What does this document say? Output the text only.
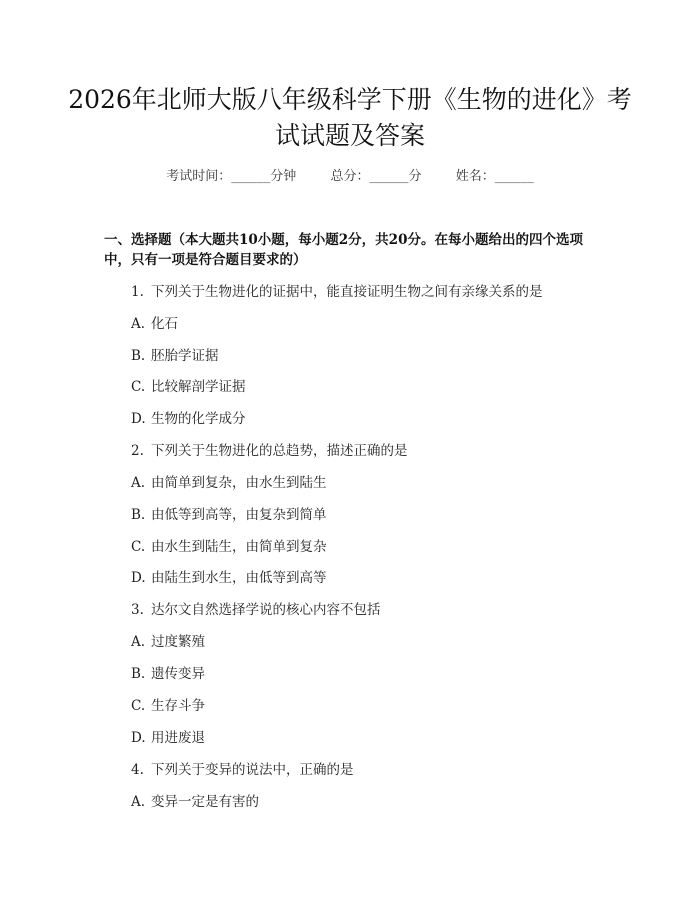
2026年北师大版八年级科学下册《生物的进化》考试试题及答案
考试时间：______分钟	总分：______分	姓名：______

一、选择题（本大题共10小题，每小题2分，共20分。在每小题给出的四个选项中，只有一项是符合题目要求的）

1. 下列关于生物进化的证据中，能直接证明生物之间有亲缘关系的是
A. 化石
B. 胚胎学证据
C. 比较解剖学证据
D. 生物的化学成分
2. 下列关于生物进化的总趋势，描述正确的是
A. 由简单到复杂，由水生到陆生
B. 由低等到高等，由复杂到简单
C. 由水生到陆生，由简单到复杂
D. 由陆生到水生，由低等到高等
3. 达尔文自然选择学说的核心内容不包括
A. 过度繁殖
B. 遗传变异
C. 生存斗争
D. 用进废退
4. 下列关于变异的说法中，正确的是
A. 变异一定是有害的
